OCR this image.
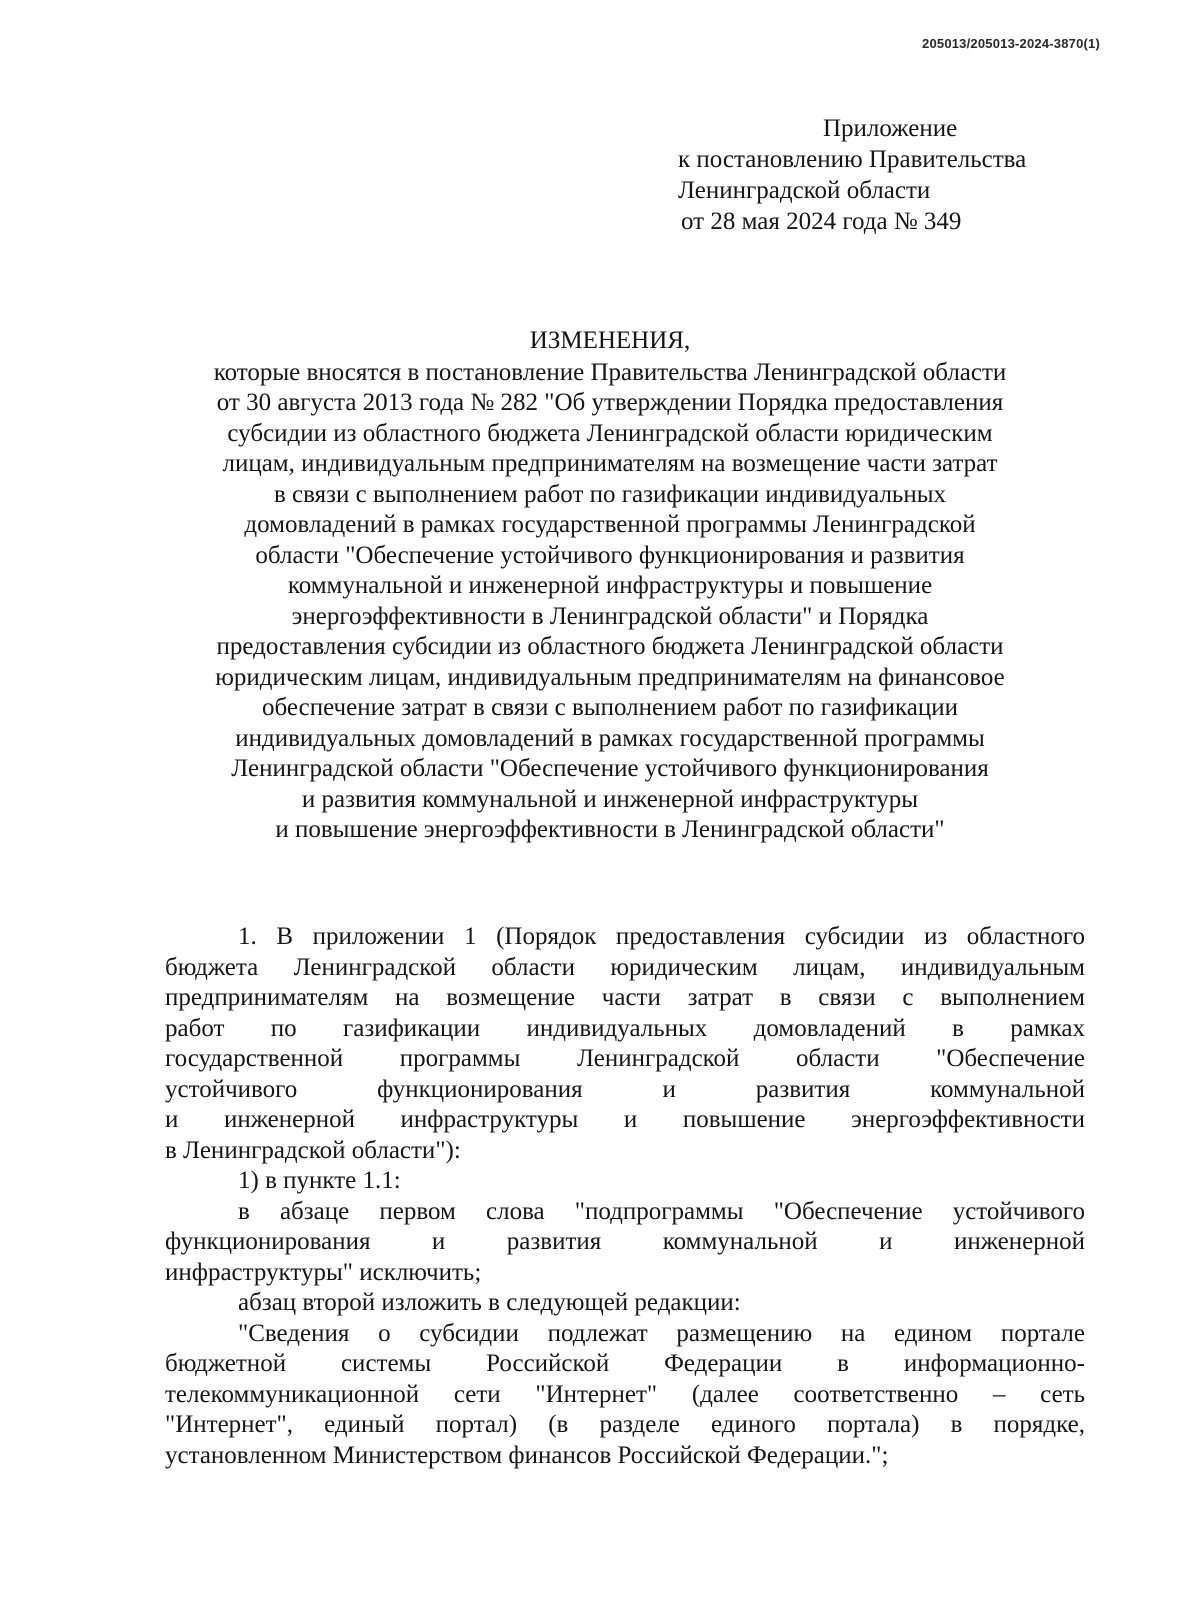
205013/205013-2024-3870(1)
Приложение
к постановлению Правительства
Ленинградской области
от 28 мая 2024 года № 349
ИЗМЕНЕНИЯ,
которые вносятся в постановление Правительства Ленинградской области
от 30 августа 2013 года № 282 "Об утверждении Порядка предоставления
субсидии из областного бюджета Ленинградской области юридическим
лицам, индивидуальным предпринимателям на возмещение части затрат
в связи с выполнением работ по газификации индивидуальных
домовладений в рамках государственной программы Ленинградской
области "Обеспечение устойчивого функционирования и развития
коммунальной и инженерной инфраструктуры и повышение
энергоэффективности в Ленинградской области" и Порядка
предоставления субсидии из областного бюджета Ленинградской области
юридическим лицам, индивидуальным предпринимателям на финансовое
обеспечение затрат в связи с выполнением работ по газификации
индивидуальных домовладений в рамках государственной программы
Ленинградской области "Обеспечение устойчивого функционирования
и развития коммунальной и инженерной инфраструктуры
и повышение энергоэффективности в Ленинградской области"
1. В приложении 1 (Порядок предоставления субсидии из областного
бюджета Ленинградской области юридическим лицам, индивидуальным
предпринимателям на возмещение части затрат в связи с выполнением
работ по газификации индивидуальных домовладений в рамках
государственной программы Ленинградской области "Обеспечение
устойчивого функционирования и развития коммунальной
и инженерной инфраструктуры и повышение энергоэффективности
в Ленинградской области"):
1) в пункте 1.1:
в абзаце первом слова "подпрограммы "Обеспечение устойчивого
функционирования и развития коммунальной и инженерной
инфраструктуры" исключить;
абзац второй изложить в следующей редакции:
"Сведения о субсидии подлежат размещению на едином портале
бюджетной системы Российской Федерации в информационно-
телекоммуникационной сети "Интернет" (далее соответственно – сеть
"Интернет", единый портал) (в разделе единого портала) в порядке,
установленном Министерством финансов Российской Федерации.";
